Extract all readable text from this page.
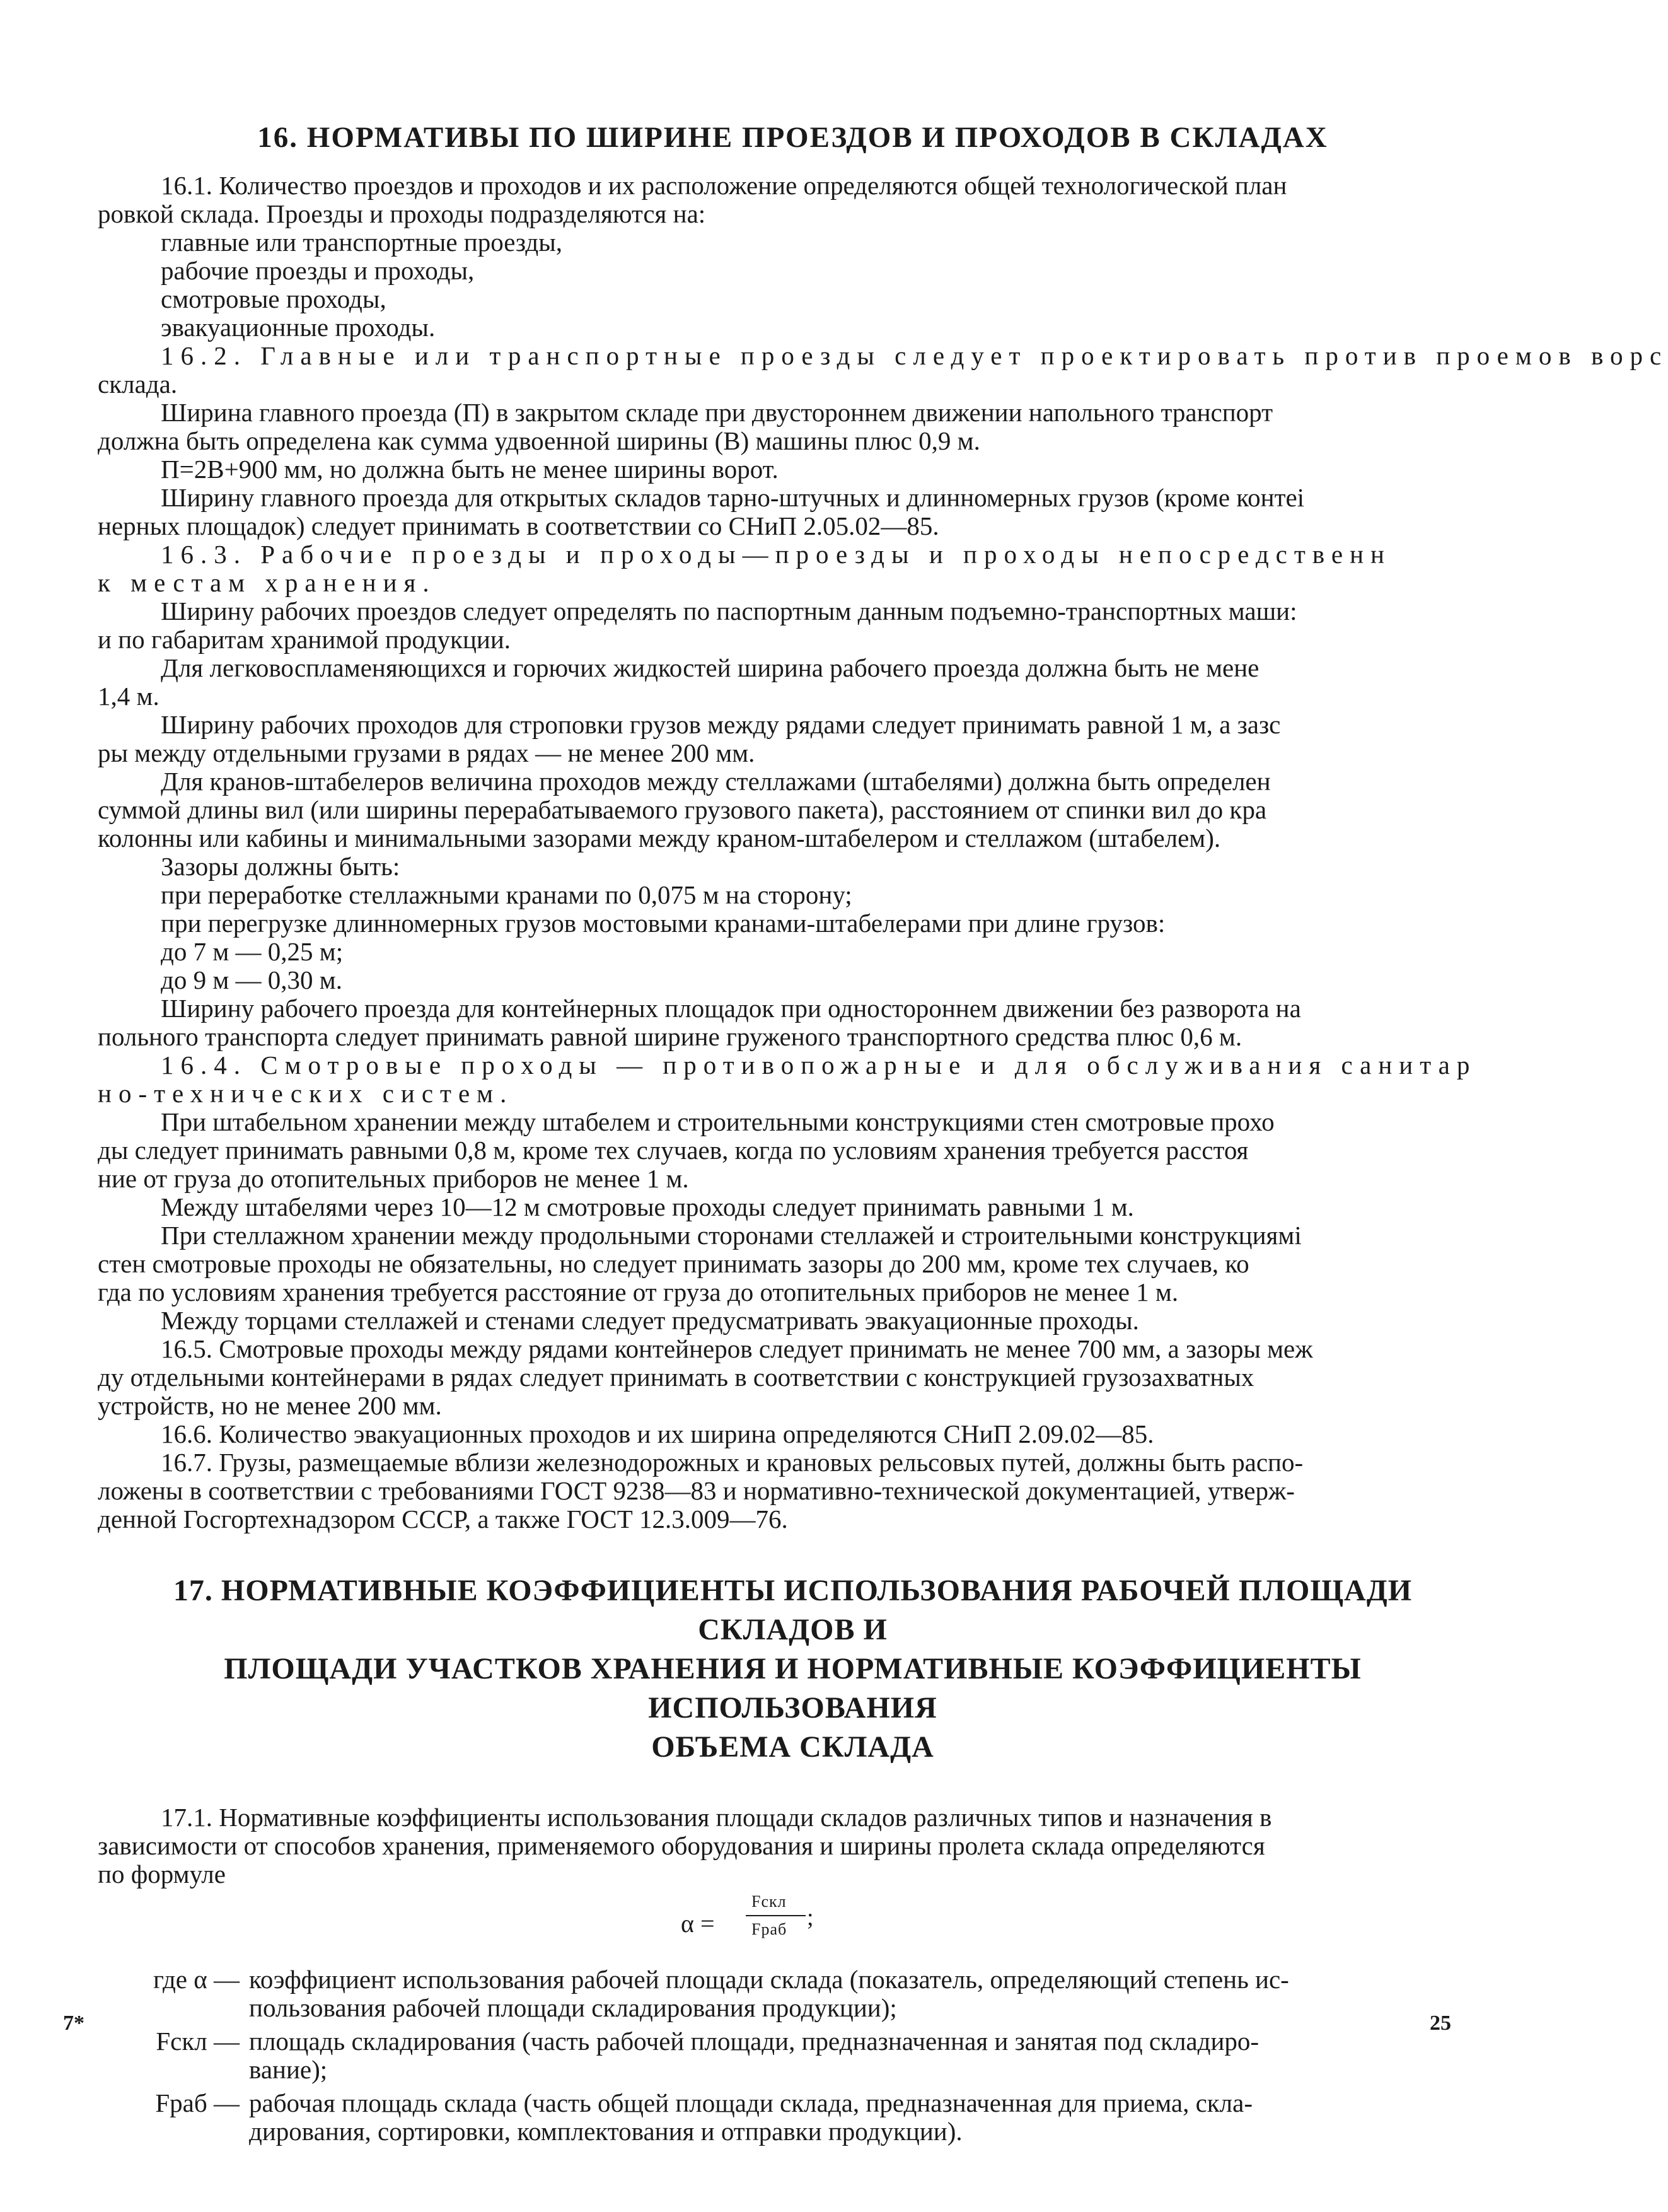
16. НОРМАТИВЫ ПО ШИРИНЕ ПРОЕЗДОВ И ПРОХОДОВ В СКЛАДАХ
16.1. Количество проездов и проходов и их расположение определяются общей технологической план
ровкой склада. Проезды и проходы подразделяются на:
главные или транспортные проезды,
рабочие проезды и проходы,
смотровые проходы,
эвакуационные проходы.
16.2. Главные или транспортные проезды следует проектировать против проемов ворс
склада.
Ширина главного проезда (П) в закрытом складе при двустороннем движении напольного транспорт
должна быть определена как сумма удвоенной ширины (В) машины плюс 0,9 м.
П=2В+900 мм, но должна быть не менее ширины ворот.
Ширину главного проезда для открытых складов тарно-штучных и длинномерных грузов (кроме контеі
нерных площадок) следует принимать в соответствии со СНиП 2.05.02—85.
16.3. Рабочие проезды и проходы—проезды и проходы непосредственн
к местам хранения.
Ширину рабочих проездов следует определять по паспортным данным подъемно-транспортных маши:
и по габаритам хранимой продукции.
Для легковоспламеняющихся и горючих жидкостей ширина рабочего проезда должна быть не мене
1,4 м.
Ширину рабочих проходов для строповки грузов между рядами следует принимать равной 1 м, а зазс
ры между отдельными грузами в рядах — не менее 200 мм.
Для кранов-штабелеров величина проходов между стеллажами (штабелями) должна быть определен
суммой длины вил (или ширины перерабатываемого грузового пакета), расстоянием от спинки вил до кра
колонны или кабины и минимальными зазорами между краном-штабелером и стеллажом (штабелем).
Зазоры должны быть:
при переработке стеллажными кранами по 0,075 м на сторону;
при перегрузке длинномерных грузов мостовыми кранами-штабелерами при длине грузов:
до 7 м — 0,25 м;
до 9 м — 0,30 м.
Ширину рабочего проезда для контейнерных площадок при одностороннем движении без разворота на
польного транспорта следует принимать равной ширине груженого транспортного средства плюс 0,6 м.
16.4. Смотровые проходы — противопожарные и для обслуживания санитар
но-технических систем.
При штабельном хранении между штабелем и строительными конструкциями стен смотровые прохо
ды следует принимать равными 0,8 м, кроме тех случаев, когда по условиям хранения требуется расстоя
ние от груза до отопительных приборов не менее 1 м.
Между штабелями через 10—12 м смотровые проходы следует принимать равными 1 м.
При стеллажном хранении между продольными сторонами стеллажей и строительными конструкциямі
стен смотровые проходы не обязательны, но следует принимать зазоры до 200 мм, кроме тех случаев, ко
гда по условиям хранения требуется расстояние от груза до отопительных приборов не менее 1 м.
Между торцами стеллажей и стенами следует предусматривать эвакуационные проходы.
16.5. Смотровые проходы между рядами контейнеров следует принимать не менее 700 мм, а зазоры меж
ду отдельными контейнерами в рядах следует принимать в соответствии с конструкцией грузозахватных
устройств, но не менее 200 мм.
16.6. Количество эвакуационных проходов и их ширина определяются СНиП 2.09.02—85.
16.7. Грузы, размещаемые вблизи железнодорожных и крановых рельсовых путей, должны быть распо-
ложены в соответствии с требованиями ГОСТ 9238—83 и нормативно-технической документацией, утверж-
денной Госгортехнадзором СССР, а также ГОСТ 12.3.009—76.
17. НОРМАТИВНЫЕ КОЭФФИЦИЕНТЫ ИСПОЛЬЗОВАНИЯ РАБОЧЕЙ ПЛОЩАДИ СКЛАДОВ И
ПЛОЩАДИ УЧАСТКОВ ХРАНЕНИЯ И НОРМАТИВНЫЕ КОЭФФИЦИЕНТЫ ИСПОЛЬЗОВАНИЯ
ОБЪЕМА СКЛАДА
17.1. Нормативные коэффициенты использования площади складов различных типов и назначения в
зависимости от способов хранения, применяемого оборудования и ширины пролета склада определяются
по формуле
α =
Fскл
;
Fраб
где α — коэффициент использования рабочей площади склада (показатель, определяющий степень ис-
пользования рабочей площади складирования продукции);
Fскл — площадь складирования (часть рабочей площади, предназначенная и занятая под складиро-
вание);
Fраб — рабочая площадь склада (часть общей площади склада, предназначенная для приема, скла-
дирования, сортировки, комплектования и отправки продукции).
7*	25
